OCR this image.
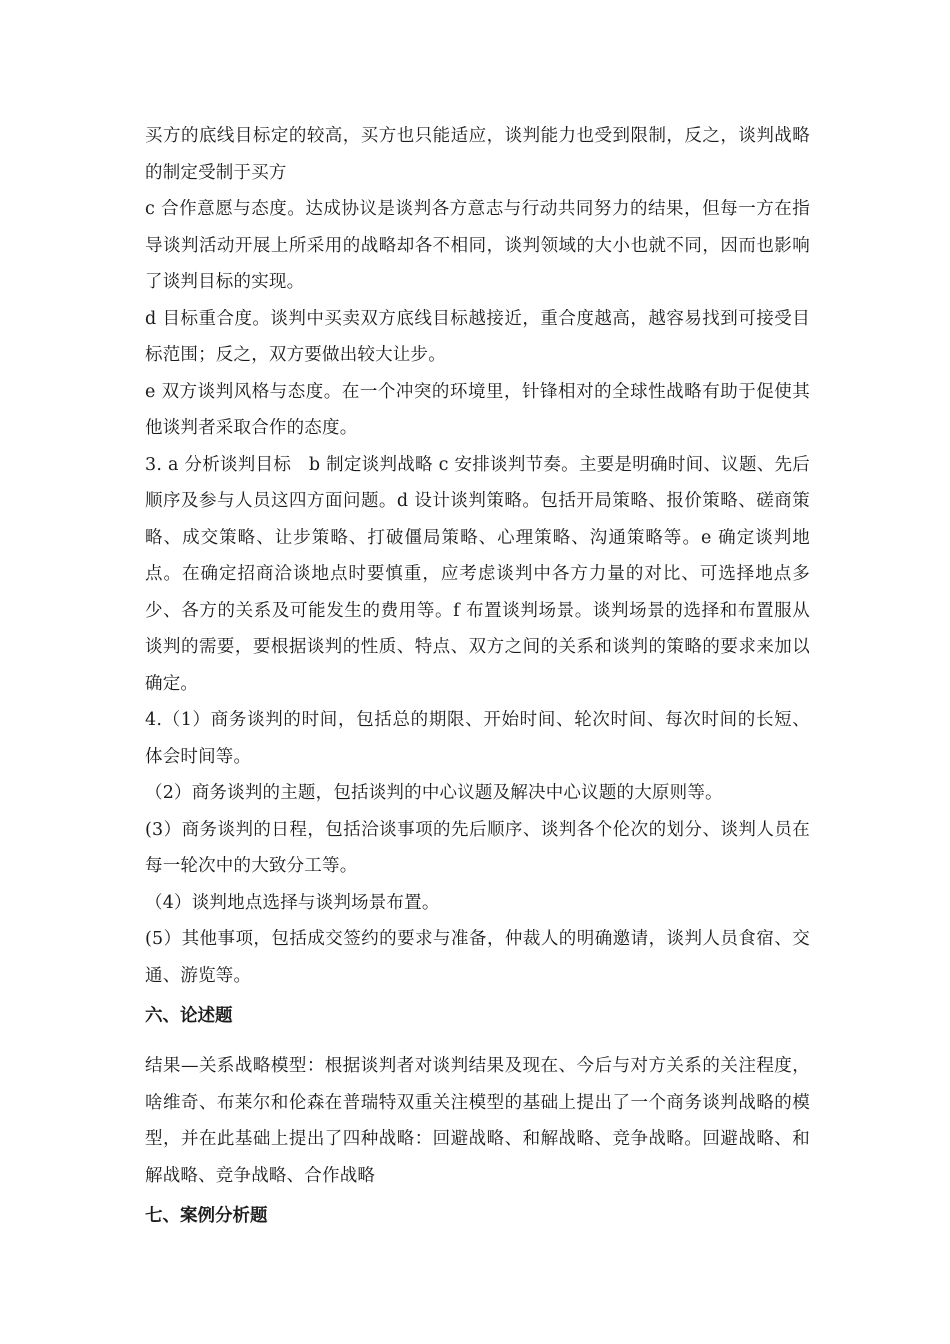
买方的底线目标定的较高，买方也只能适应，谈判能力也受到限制，反之，谈判战略的制定受制于买方

c 合作意愿与态度。达成协议是谈判各方意志与行动共同努力的结果，但每一方在指导谈判活动开展上所采用的战略却各不相同，谈判领域的大小也就不同，因而也影响了谈判目标的实现。

d 目标重合度。谈判中买卖双方底线目标越接近，重合度越高，越容易找到可接受目标范围；反之，双方要做出较大让步。

e 双方谈判风格与态度。在一个冲突的环境里，针锋相对的全球性战略有助于促使其他谈判者采取合作的态度。

3. a 分析谈判目标　b 制定谈判战略 c 安排谈判节奏。主要是明确时间、议题、先后顺序及参与人员这四方面问题。d 设计谈判策略。包括开局策略、报价策略、磋商策略、成交策略、让步策略、打破僵局策略、心理策略、沟通策略等。e 确定谈判地点。在确定招商洽谈地点时要慎重，应考虑谈判中各方力量的对比、可选择地点多少、各方的关系及可能发生的费用等。f 布置谈判场景。谈判场景的选择和布置服从谈判的需要，要根据谈判的性质、特点、双方之间的关系和谈判的策略的要求来加以确定。

4.（1）商务谈判的时间，包括总的期限、开始时间、轮次时间、每次时间的长短、体会时间等。

（2）商务谈判的主题，包括谈判的中心议题及解决中心议题的大原则等。

(3）商务谈判的日程，包括洽谈事项的先后顺序、谈判各个伦次的划分、谈判人员在每一轮次中的大致分工等。

（4）谈判地点选择与谈判场景布置。

(5）其他事项，包括成交签约的要求与准备，仲裁人的明确邀请，谈判人员食宿、交通、游览等。

六、论述题

结果—关系战略模型：根据谈判者对谈判结果及现在、今后与对方关系的关注程度，啥维奇、布莱尔和伦森在普瑞特双重关注模型的基础上提出了一个商务谈判战略的模型，并在此基础上提出了四种战略：回避战略、和解战略、竞争战略。回避战略、和解战略、竞争战略、合作战略

七、案例分析题
